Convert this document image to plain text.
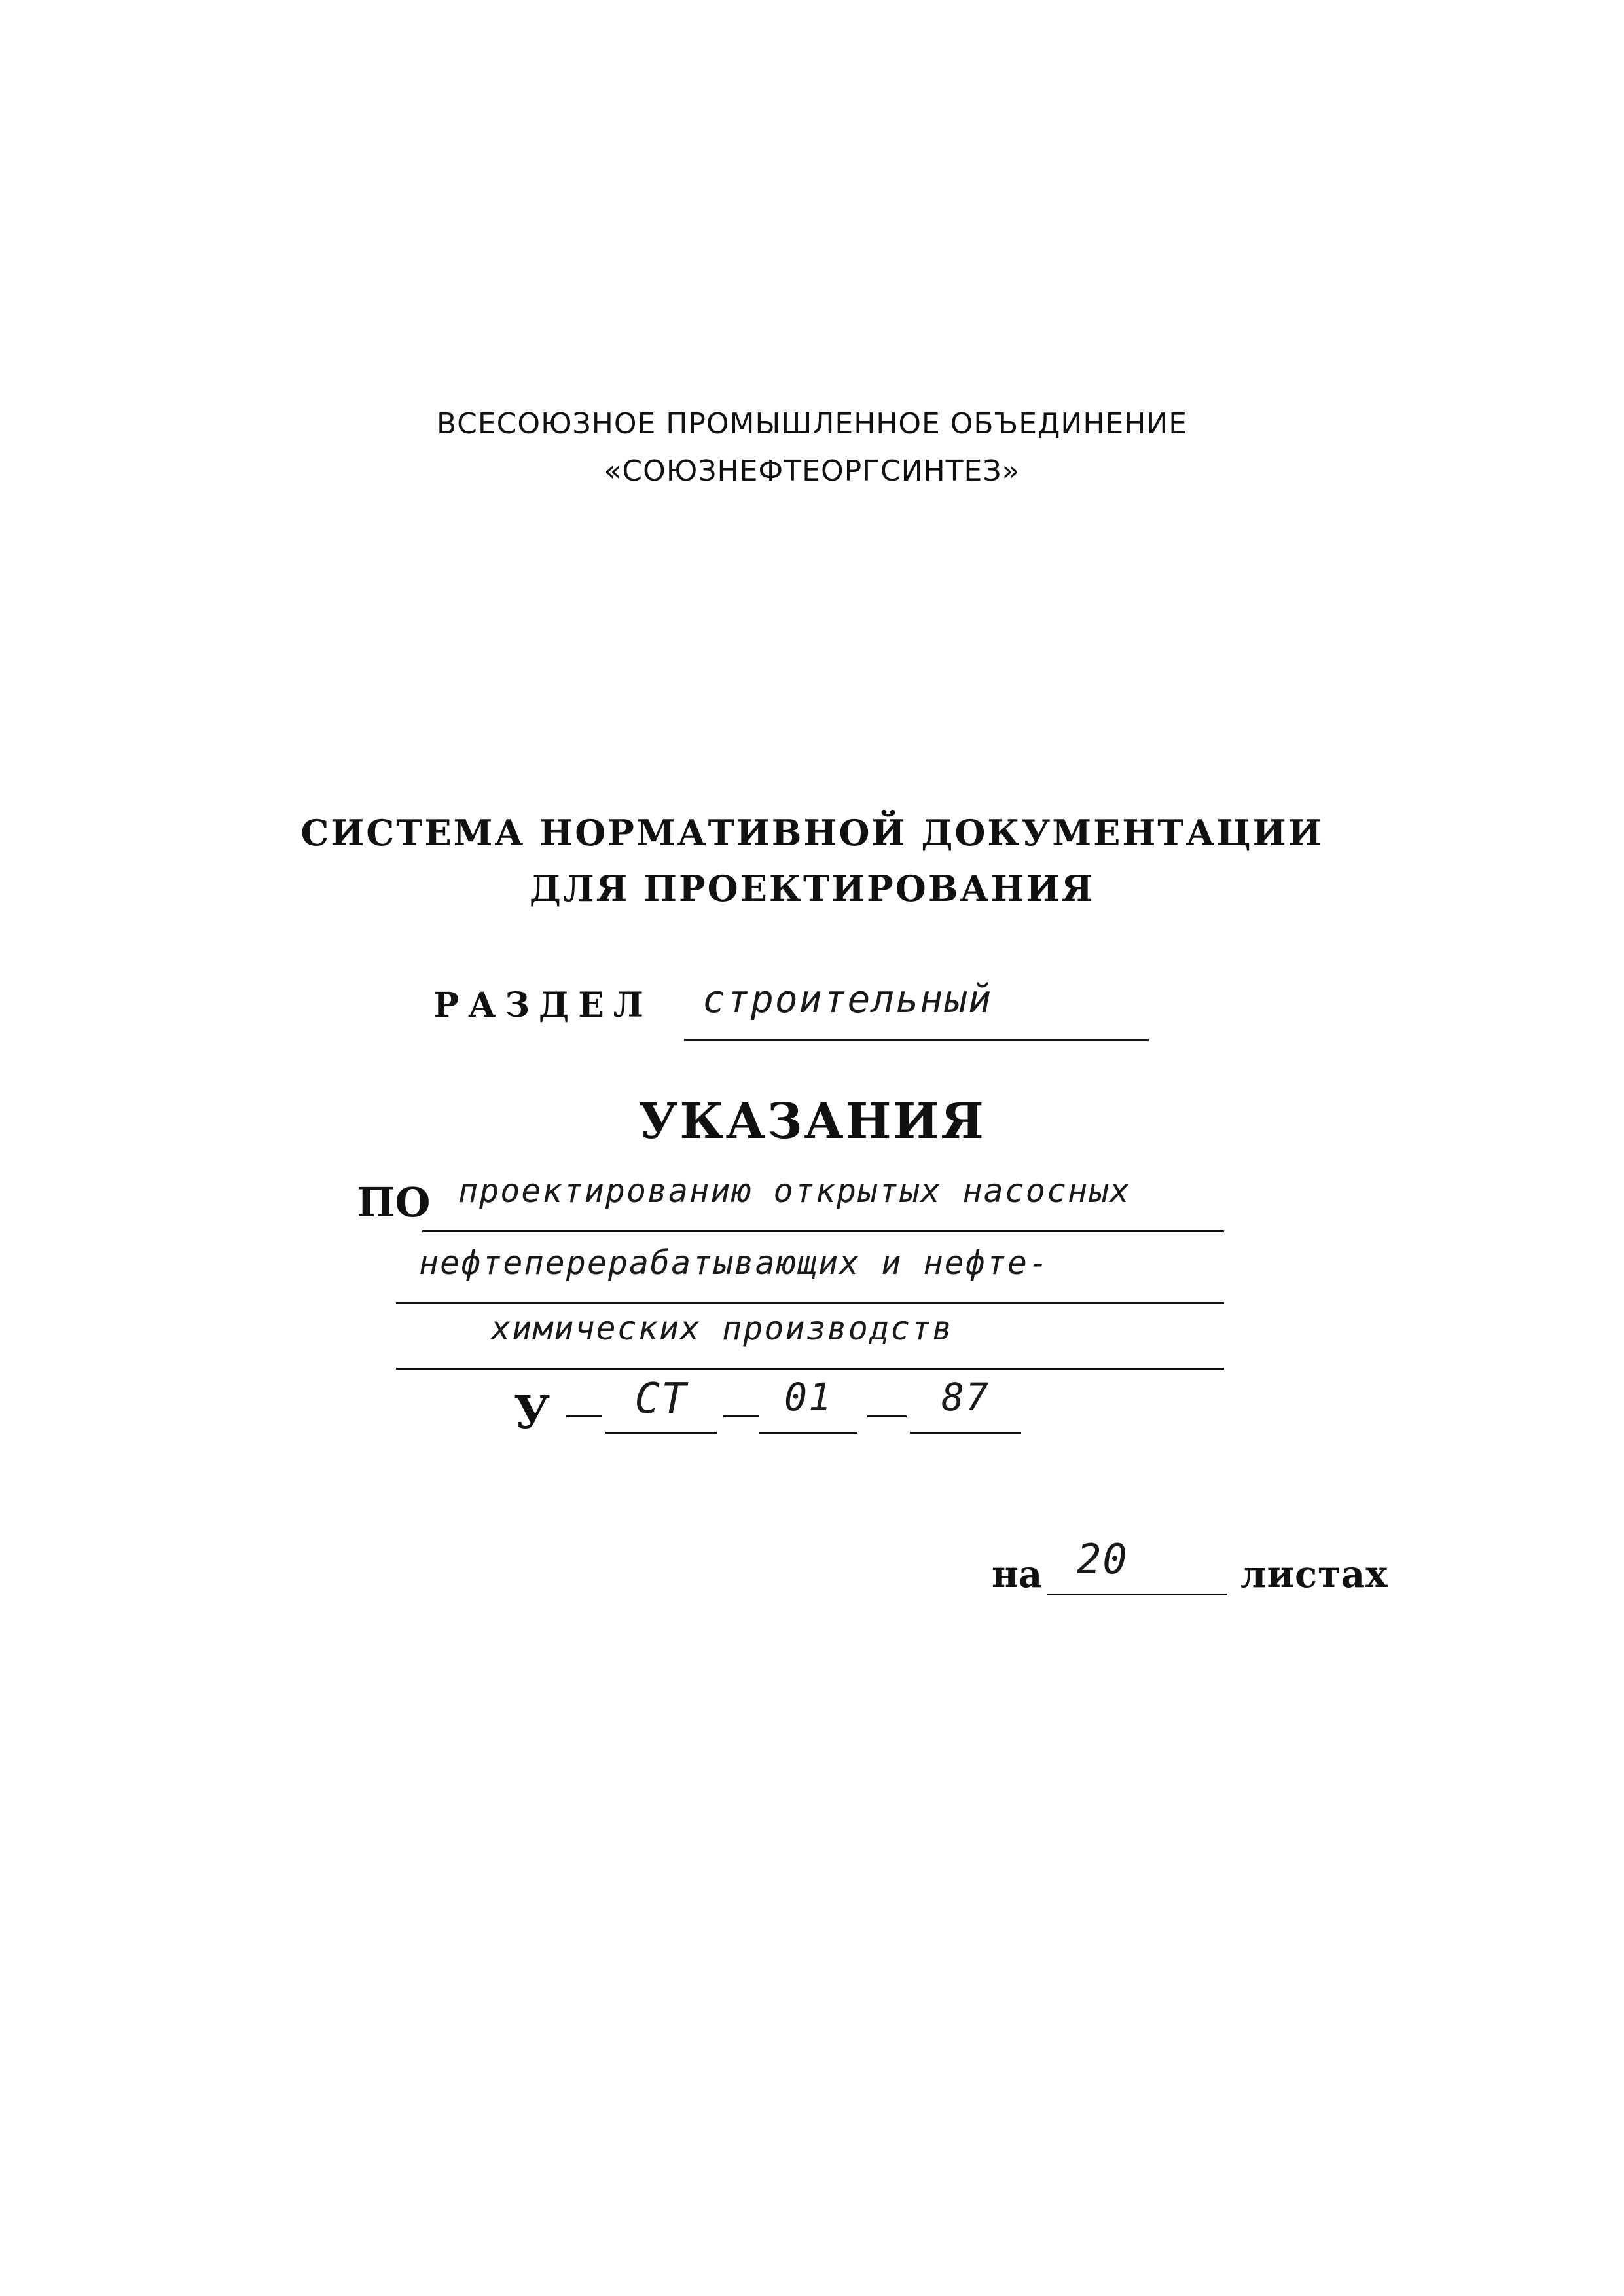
ВСЕСОЮЗНОЕ ПРОМЫШЛЕННОЕ ОБЪЕДИНЕНИЕ
«СОЮЗНЕФТЕОРГСИНТЕЗ»
СИСТЕМА НОРМАТИВНОЙ ДОКУМЕНТАЦИИ
ДЛЯ ПРОЕКТИРОВАНИЯ
РАЗДЕЛ	строительный
УКАЗАНИЯ
ПО проектированию открытых насосных
нефтеперерабатывающих и нефте-
химических производств
У	СТ	01	87
на 20	листах
